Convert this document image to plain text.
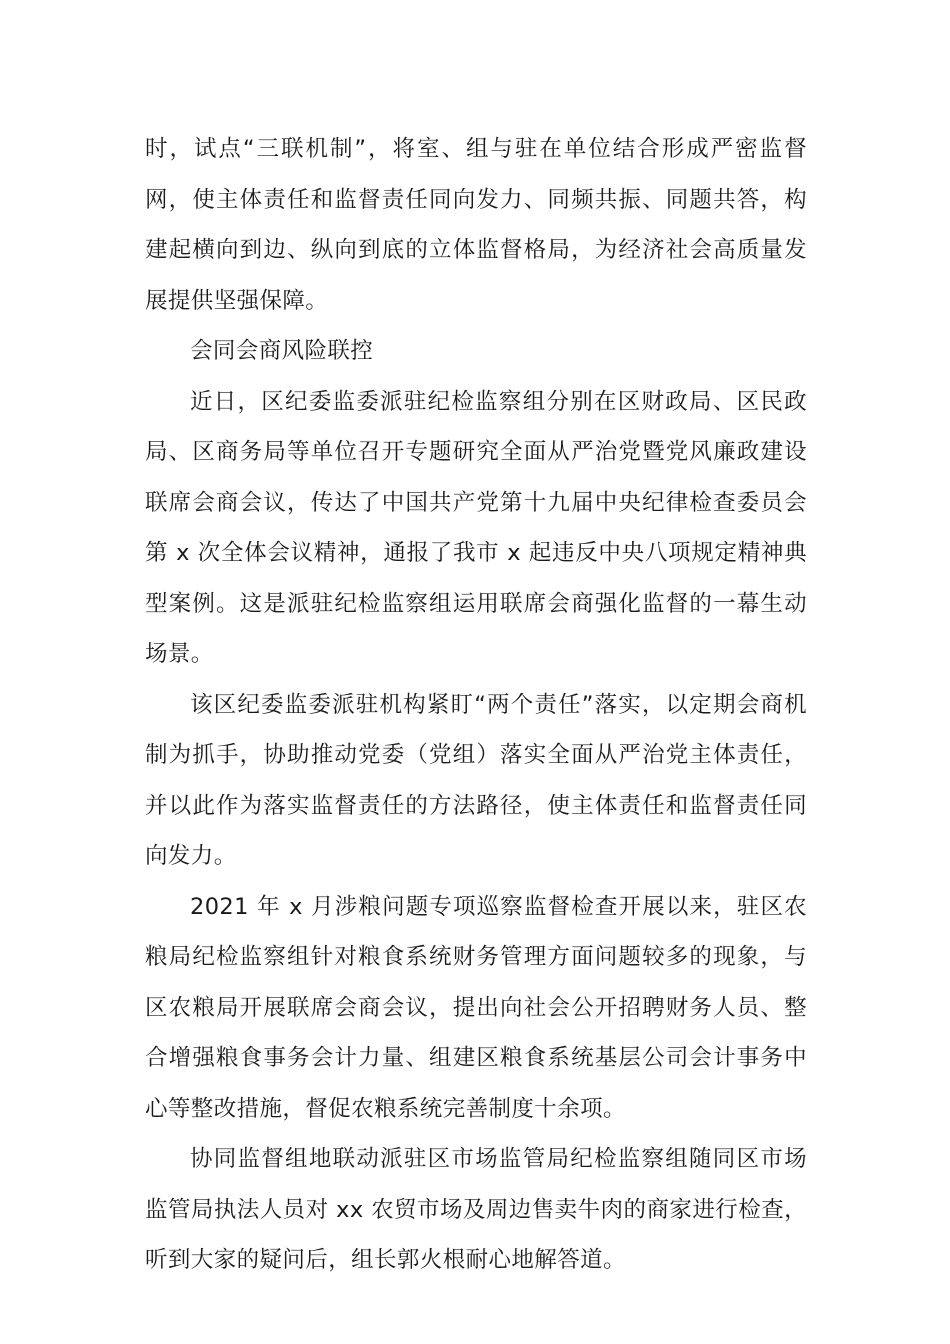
时，试点“三联机制”，将室、组与驻在单位结合形成严密监督网，使主体责任和监督责任同向发力、同频共振、同题共答，构建起横向到边、纵向到底的立体监督格局，为经济社会高质量发展提供坚强保障。

会同会商风险联控

近日，区纪委监委派驻纪检监察组分别在区财政局、区民政局、区商务局等单位召开专题研究全面从严治党暨党风廉政建设联席会商会议，传达了中国共产党第十九届中央纪律检查委员会第 x 次全体会议精神，通报了我市 x 起违反中央八项规定精神典型案例。这是派驻纪检监察组运用联席会商强化监督的一幕生动场景。

该区纪委监委派驻机构紧盯“两个责任”落实，以定期会商机制为抓手，协助推动党委（党组）落实全面从严治党主体责任，并以此作为落实监督责任的方法路径，使主体责任和监督责任同向发力。

2021 年 x 月涉粮问题专项巡察监督检查开展以来，驻区农粮局纪检监察组针对粮食系统财务管理方面问题较多的现象，与区农粮局开展联席会商会议，提出向社会公开招聘财务人员、整合增强粮食事务会计力量、组建区粮食系统基层公司会计事务中心等整改措施，督促农粮系统完善制度十余项。

协同监督组地联动派驻区市场监管局纪检监察组随同区市场监管局执法人员对 xx 农贸市场及周边售卖牛肉的商家进行检查，听到大家的疑问后，组长郭火根耐心地解答道。
